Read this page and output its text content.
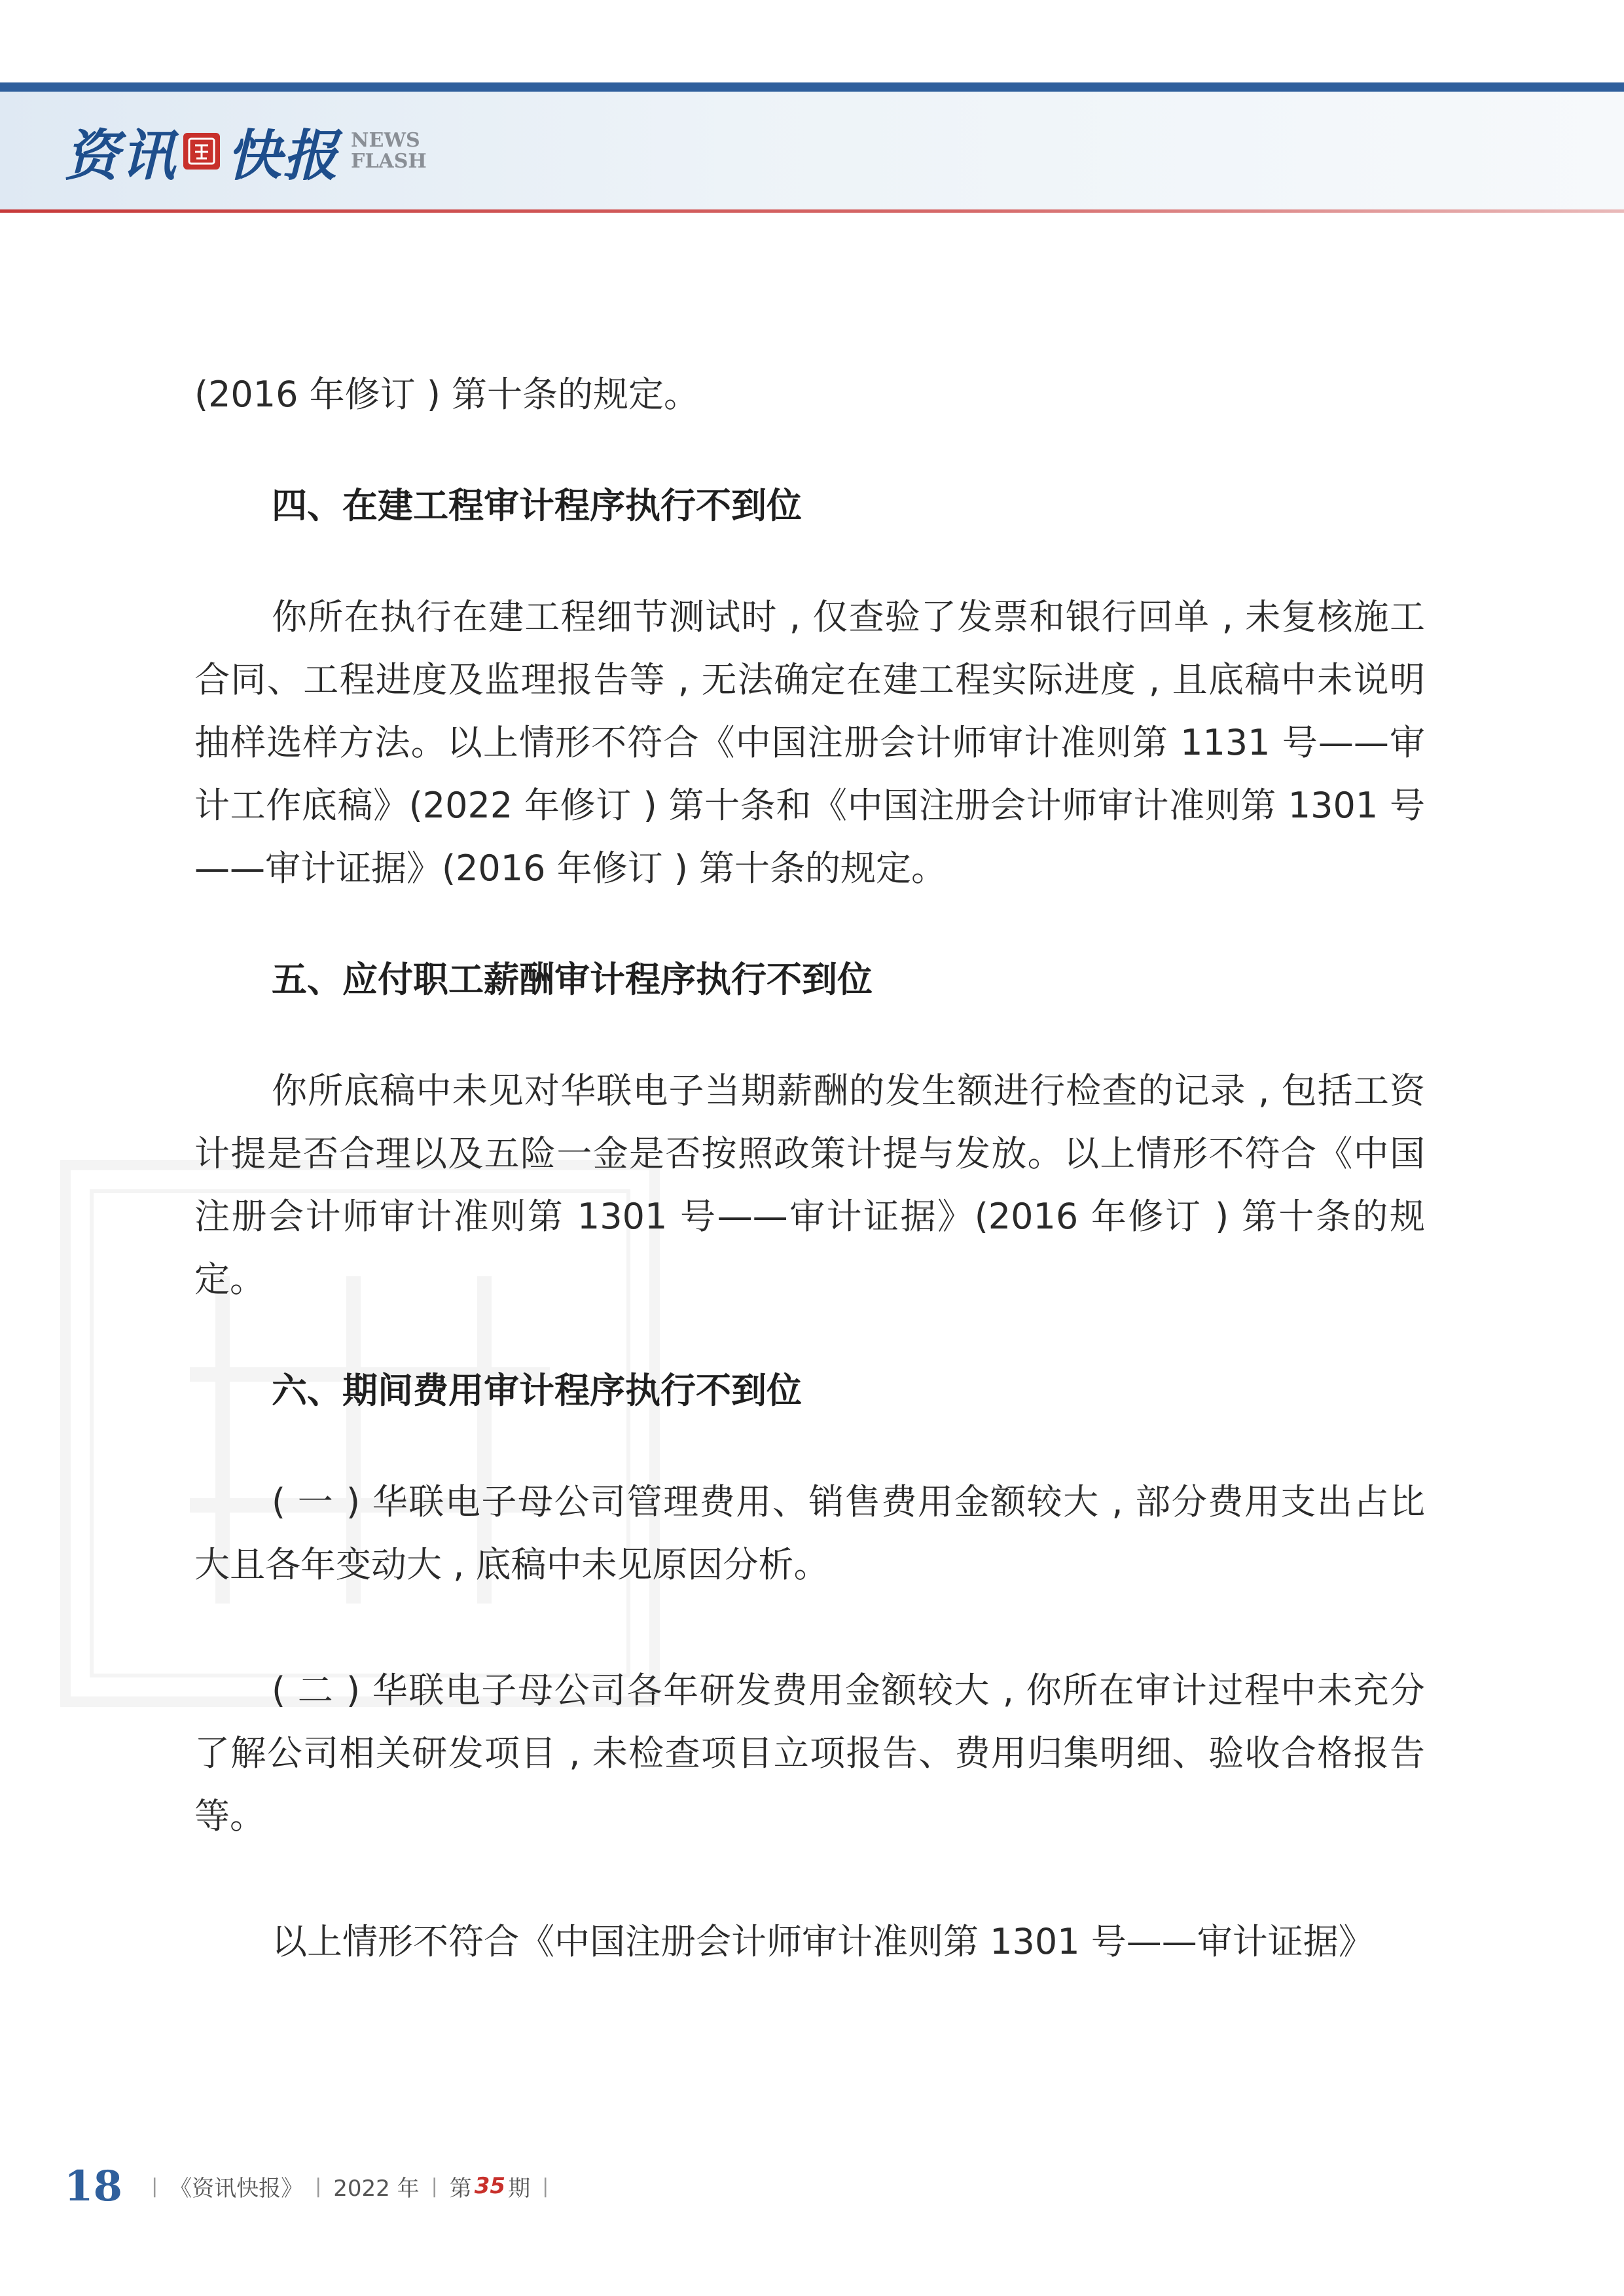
资讯 快报 NEWS
FLASH

(2016 年修订 ) 第十条的规定。

四、在建工程审计程序执行不到位

你所在执行在建工程细节测试时 , 仅查验了发票和银行回单 , 未复核施工合同、工程进度及监理报告等 , 无法确定在建工程实际进度 , 且底稿中未说明抽样选样方法。以上情形不符合《中国注册会计师审计准则第 1131 号——审计工作底稿》(2022 年修订 ) 第十条和《中国注册会计师审计准则第 1301 号——审计证据》(2016 年修订 ) 第十条的规定。

五、应付职工薪酬审计程序执行不到位

你所底稿中未见对华联电子当期薪酬的发生额进行检查的记录 , 包括工资计提是否合理以及五险一金是否按照政策计提与发放。以上情形不符合《中国注册会计师审计准则第 1301 号——审计证据》(2016 年修订 ) 第十条的规定。

六、期间费用审计程序执行不到位

( 一 ) 华联电子母公司管理费用、销售费用金额较大 , 部分费用支出占比大且各年变动大 , 底稿中未见原因分析。

( 二 ) 华联电子母公司各年研发费用金额较大 , 你所在审计过程中未充分了解公司相关研发项目 , 未检查项目立项报告、费用归集明细、验收合格报告等。

以上情形不符合《中国注册会计师审计准则第 1301 号——审计证据》

18 | 《资讯快报》 | 2022 年 | 第 35 期 |
